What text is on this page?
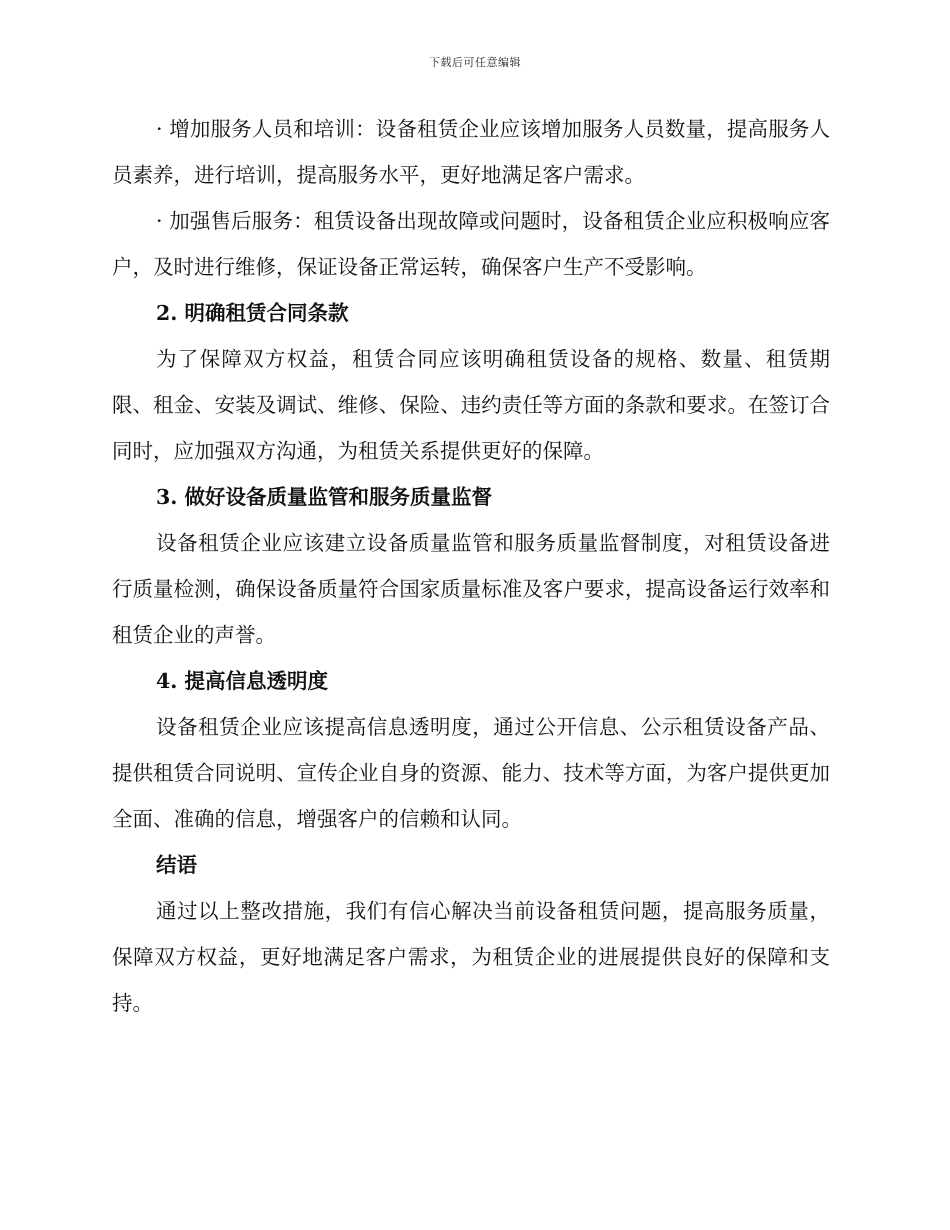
下载后可任意编辑

· 增加服务人员和培训：设备租赁企业应该增加服务人员数量，提高服务人员素养，进行培训，提高服务水平，更好地满足客户需求。

· 加强售后服务：租赁设备出现故障或问题时，设备租赁企业应积极响应客户，及时进行维修，保证设备正常运转，确保客户生产不受影响。

2. 明确租赁合同条款

为了保障双方权益，租赁合同应该明确租赁设备的规格、数量、租赁期限、租金、安装及调试、维修、保险、违约责任等方面的条款和要求。在签订合同时，应加强双方沟通，为租赁关系提供更好的保障。

3. 做好设备质量监管和服务质量监督

设备租赁企业应该建立设备质量监管和服务质量监督制度，对租赁设备进行质量检测，确保设备质量符合国家质量标准及客户要求，提高设备运行效率和租赁企业的声誉。

4. 提高信息透明度

设备租赁企业应该提高信息透明度，通过公开信息、公示租赁设备产品、提供租赁合同说明、宣传企业自身的资源、能力、技术等方面，为客户提供更加全面、准确的信息，增强客户的信赖和认同。

结语

通过以上整改措施，我们有信心解决当前设备租赁问题，提高服务质量，保障双方权益，更好地满足客户需求，为租赁企业的进展提供良好的保障和支持。
